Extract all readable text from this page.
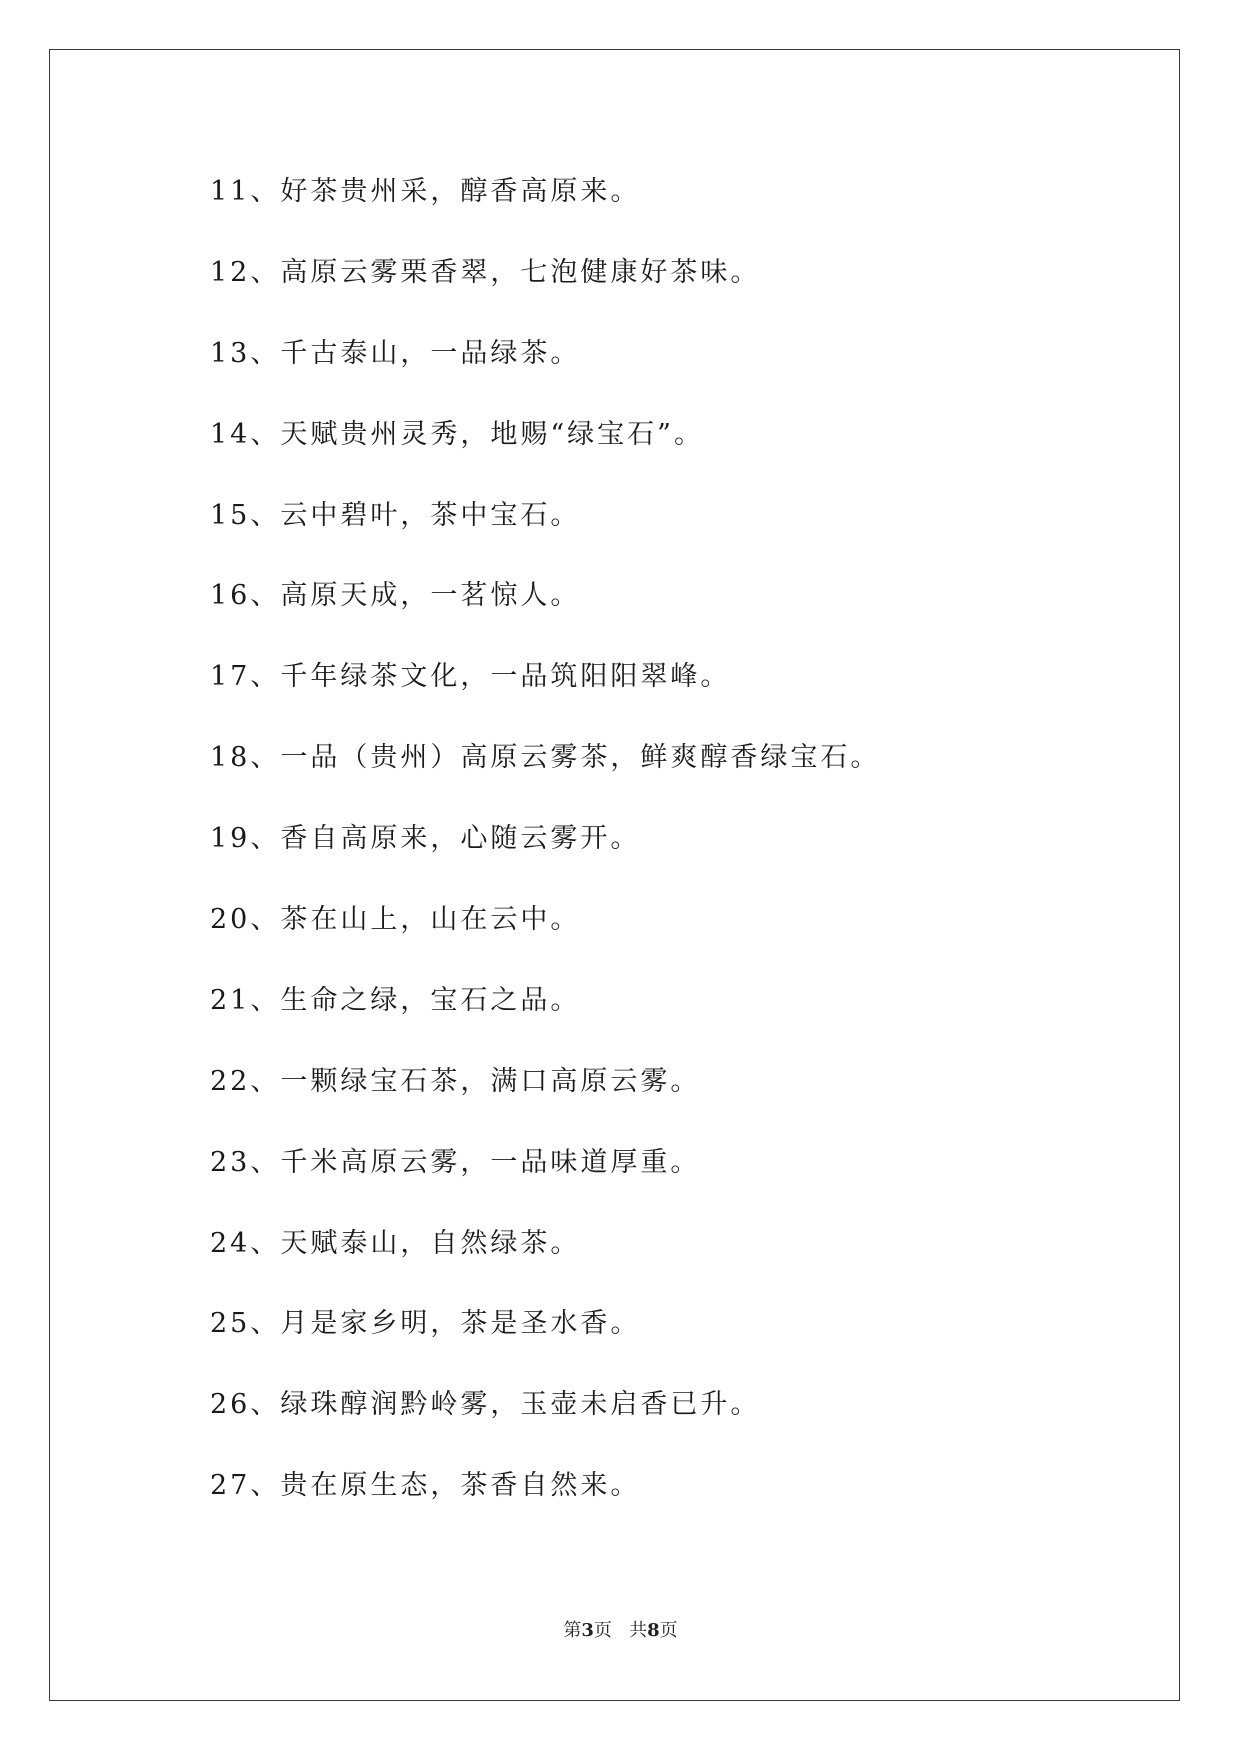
11、好茶贵州采，醇香高原来。
12、高原云雾栗香翠，七泡健康好茶味。
13、千古泰山，一品绿茶。
14、天赋贵州灵秀，地赐“绿宝石”。
15、云中碧叶，茶中宝石。
16、高原天成，一茗惊人。
17、千年绿茶文化，一品筑阳阳翠峰。
18、一品（贵州）高原云雾茶，鲜爽醇香绿宝石。
19、香自高原来，心随云雾开。
20、茶在山上，山在云中。
21、生命之绿，宝石之品。
22、一颗绿宝石茶，满口高原云雾。
23、千米高原云雾，一品味道厚重。
24、天赋泰山，自然绿茶。
25、月是家乡明，茶是圣水香。
26、绿珠醇润黔岭雾，玉壶未启香已升。
27、贵在原生态，茶香自然来。
第3页 共8页
